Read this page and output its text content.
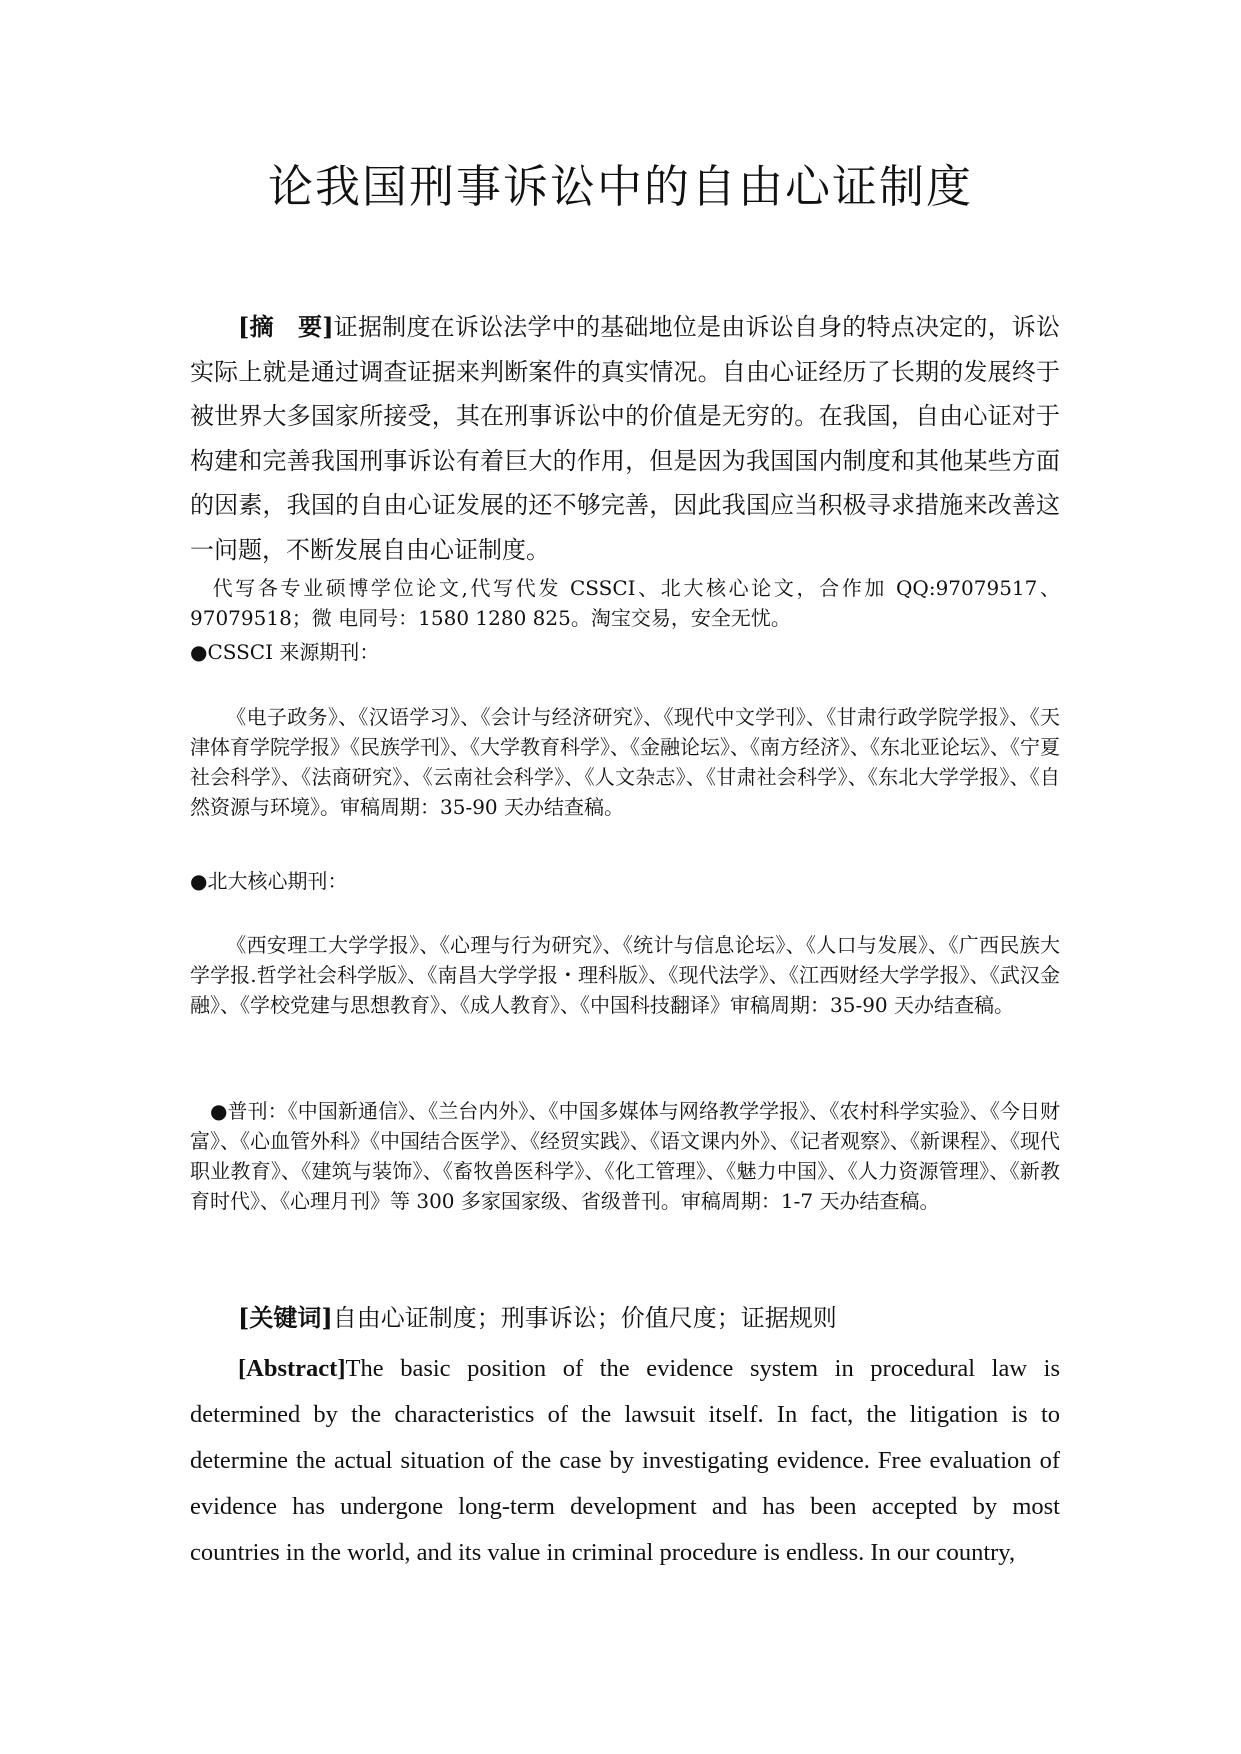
论我国刑事诉讼中的自由心证制度
[摘 要]证据制度在诉讼法学中的基础地位是由诉讼自身的特点决定的，诉讼实际上就是通过调查证据来判断案件的真实情况。自由心证经历了长期的发展终于被世界大多国家所接受，其在刑事诉讼中的价值是无穷的。在我国，自由心证对于构建和完善我国刑事诉讼有着巨大的作用，但是因为我国国内制度和其他某些方面的因素，我国的自由心证发展的还不够完善，因此我国应当积极寻求措施来改善这一问题，不断发展自由心证制度。
代写各专业硕博学位论文,代写代发 CSSCI、北大核心论文，合作加 QQ:97079517、97079518；微 电同号：1580 1280 825。淘宝交易，安全无忧。
●CSSCI 来源期刊：
《电子政务》、《汉语学习》、《会计与经济研究》、《现代中文学刊》、《甘肃行政学院学报》、《天津体育学院学报》《民族学刊》、《大学教育科学》、《金融论坛》、《南方经济》、《东北亚论坛》、《宁夏社会科学》、《法商研究》、《云南社会科学》、《人文杂志》、《甘肃社会科学》、《东北大学学报》、《自然资源与环境》。审稿周期：35-90 天办结查稿。
●北大核心期刊：
《西安理工大学学报》、《心理与行为研究》、《统计与信息论坛》、《人口与发展》、《广西民族大学学报.哲学社会科学版》、《南昌大学学报・理科版》、《现代法学》、《江西财经大学学报》、《武汉金融》、《学校党建与思想教育》、《成人教育》、《中国科技翻译》审稿周期：35-90 天办结查稿。
●普刊：《中国新通信》、《兰台内外》、《中国多媒体与网络教学学报》、《农村科学实验》、《今日财富》、《心血管外科》《中国结合医学》、《经贸实践》、《语文课内外》、《记者观察》、《新课程》、《现代职业教育》、《建筑与装饰》、《畜牧兽医科学》、《化工管理》、《魅力中国》、《人力资源管理》、《新教育时代》、《心理月刊》等 300 多家国家级、省级普刊。审稿周期：1-7 天办结查稿。
[关键词]自由心证制度；刑事诉讼；价值尺度；证据规则
[Abstract]The basic position of the evidence system in procedural law is determined by the characteristics of the lawsuit itself. In fact, the litigation is to determine the actual situation of the case by investigating evidence. Free evaluation of evidence has undergone long-term development and has been accepted by most countries in the world, and its value in criminal procedure is endless. In our country,
